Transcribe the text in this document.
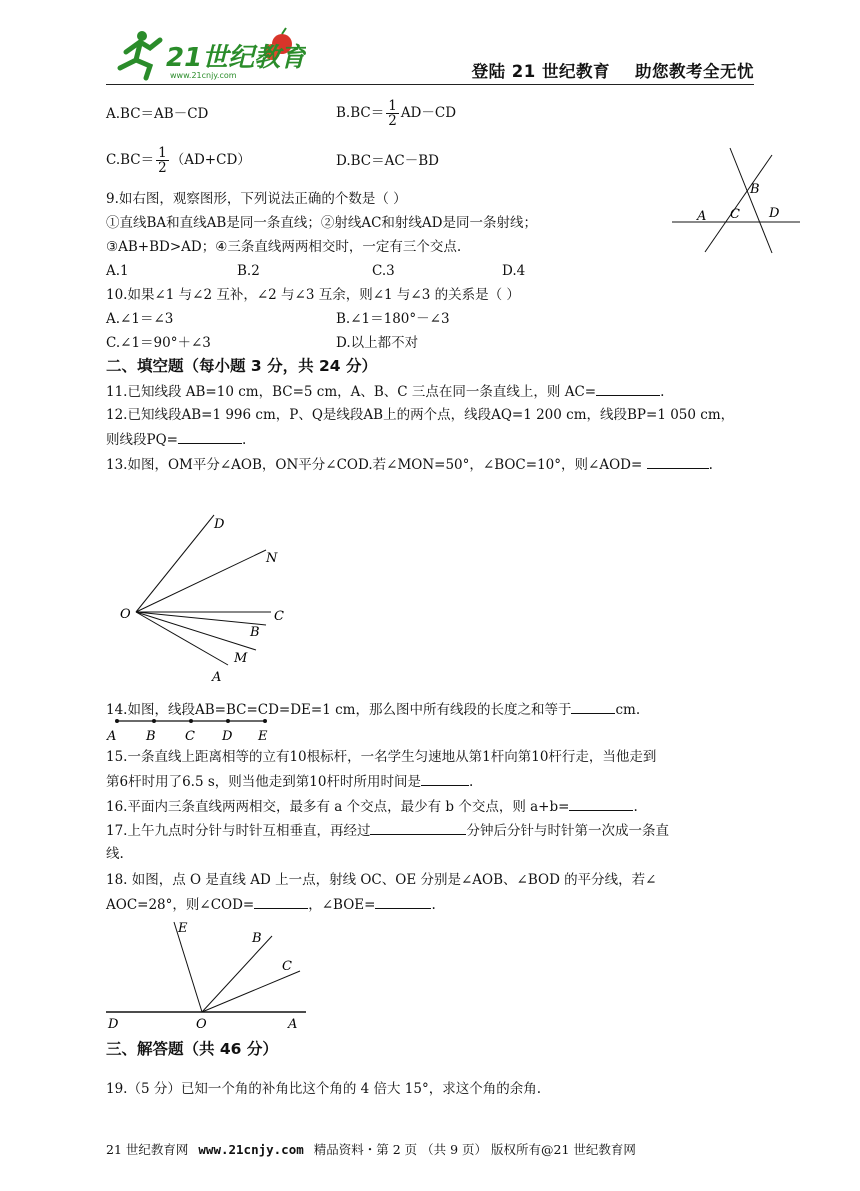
21世纪教育
www.21cnjy.com	登陆 21 世纪教育    助您教考全无忧
A.BC＝AB－CD	$B.BC= \frac{1}{2} AD-CD$
$C.BC= \frac{1}{2} (AD+CD)$	D.BC＝AC－BD
A
B
C D
9.如右图，观察图形，下列说法正确的个数是（ ）
①直线BA和直线AB是同一条直线；②射线AC和射线AD是同一条射线；
③AB+BD>AD；④三条直线两两相交时，一定有三个交点.
A.1	B.2	C.3	D.4
10.如果∠1 与∠2 互补，∠2 与∠3 互余，则∠1 与∠3 的关系是（ ）
A.∠1＝∠3	B.∠1＝180°－∠3
C.∠1＝90°＋∠3	D.以上都不对
二、填空题（每小题 3 分，共 24 分）
11.已知线段 AB=10 cm，BC=5 cm，A、B、C 三点在同一条直线上，则 AC=	.
12.已知线段AB=1 996 cm，P、Q是线段AB上的两个点，线段AQ=1 200 cm，线段BP=1 050 cm，
则线段PQ=	.
13.如图，OM平分∠AOB，ON平分∠COD.若∠MON=50°，∠BOC=10°，则∠AOD=	.
D
N
O	C
B
M
A
14.如图，线段AB=BC=CD=DE=1 cm，那么图中所有线段的长度之和等于	cm.
A B C D E
15.一条直线上距离相等的立有10根标杆，一名学生匀速地从第1杆向第10杆行走，当他走到
第6杆时用了6.5 s，则当他走到第10杆时所用时间是	.
16.平面内三条直线两两相交，最多有 a 个交点，最少有 b 个交点，则 a+b=	.
17.上午九点时分针与时针互相垂直，再经过	分钟后分针与时针第一次成一条直
线.
18. 如图，点 O 是直线 AD 上一点，射线 OC、OE 分别是∠AOB、∠BOD 的平分线，若∠
AOC=28°，则∠COD=	，∠BOE=	.
E
B
C
D	O	A
三、解答题（共 46 分）
19.（5 分）已知一个角的补角比这个角的 4 倍大 15°，求这个角的余角.
21 世纪教育网 www.21cnjy.com 精品资料・第 2 页 （共 9 页） 版权所有@21 世纪教育网
